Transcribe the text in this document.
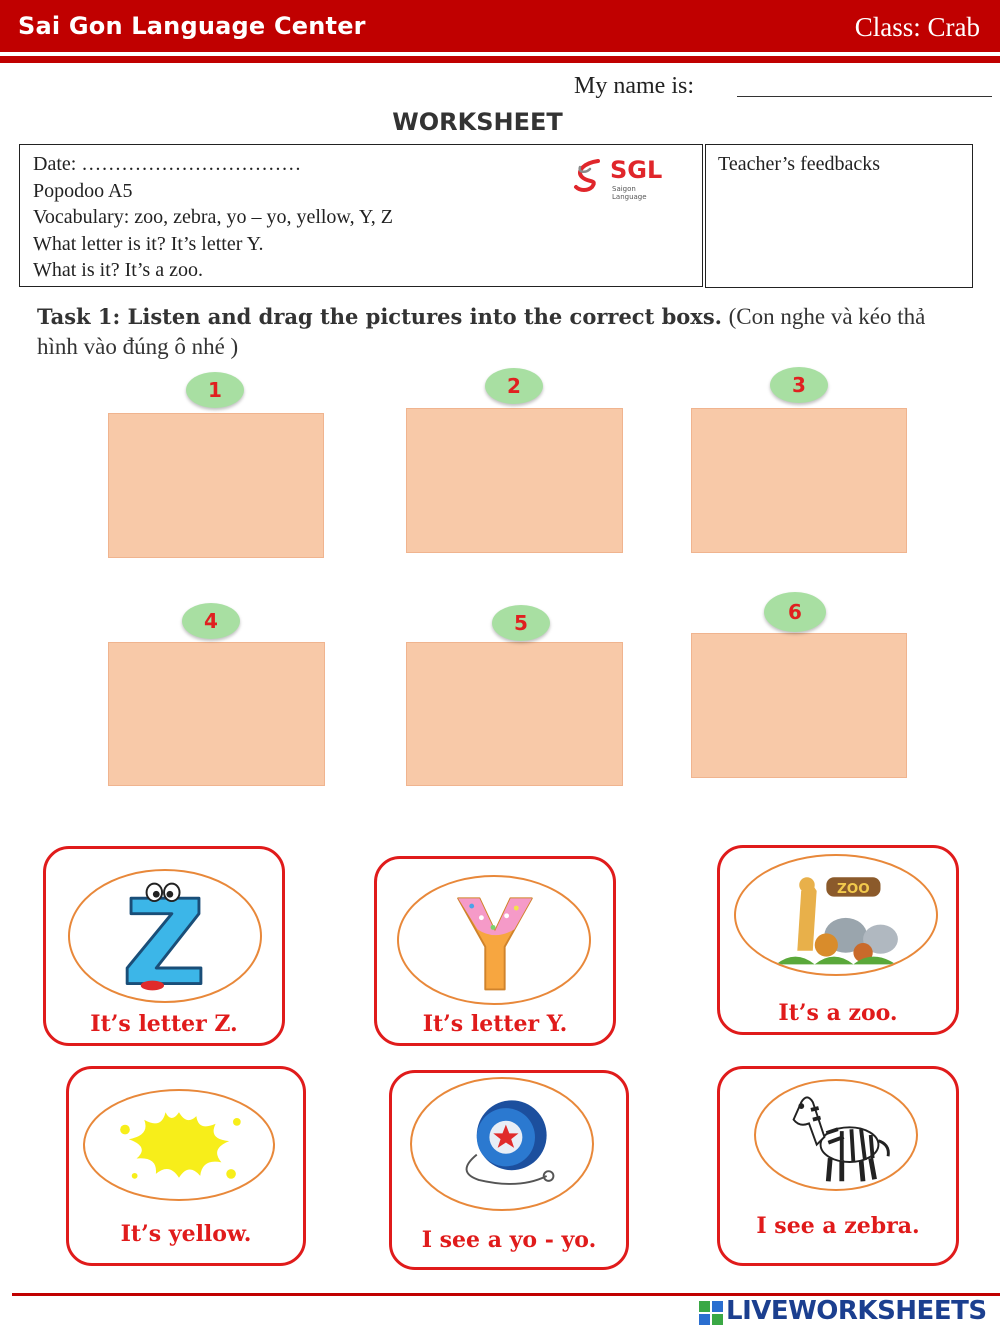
Sai Gon Language Center	Class: Crab
My name is:
WORKSHEET
Date: ……………………………
Popodoo A5
Vocabulary: zoo, zebra, yo – yo, yellow, Y, Z
What letter is it? It’s letter Y.
What is it? It’s a zoo.
SGL
Saigon Language
Teacher’s feedbacks
Task 1: Listen and drag the pictures into the correct boxs. (Con nghe và kéo thả hình vào đúng ô nhé )
1	2	3
4	5	6
It’s letter Z.	It’s letter Y.
ZOO
It’s a zoo.
It’s yellow.	I see a yo - yo.
I see a zebra.
LIVEWORKSHEETS
